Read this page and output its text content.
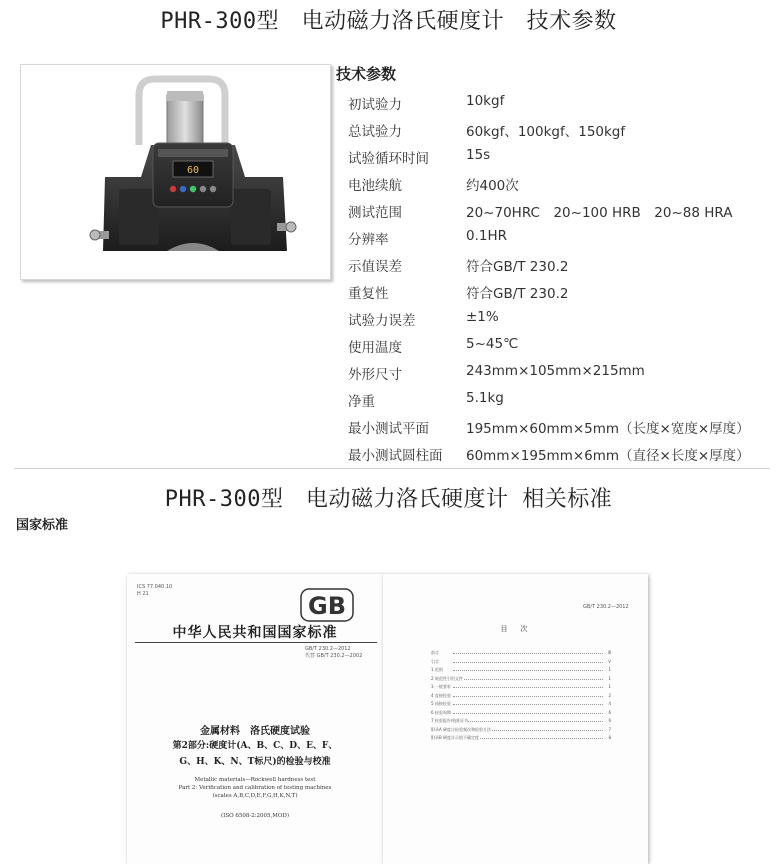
PHR-300型　电动磁力洛氏硬度计　技术参数
60
技术参数
初试验力	10kgf
总试验力	60kgf、100kgf、150kgf
试验循环时间	15s
电池续航	约400次
测试范围	20~70HRC　20~100 HRB　20~88 HRA
分辨率	0.1HR
示值误差	符合GB/T 230.2
重复性	符合GB/T 230.2
试验力误差	±1%
使用温度	5~45℃
外形尺寸	243mm×105mm×215mm
净重	5.1kg
最小测试平面	195mm×60mm×5mm（长度×宽度×厚度）
最小测试圆柱面 60mm×195mm×6mm（直径×长度×厚度）
PHR-300型　电动磁力洛氏硬度计 相关标准
国家标准
ICS 77.040.10
H 21	GB
中华人民共和国国家标准
GB/T 230.2—2012
代替 GB/T 230.2—2002
金属材料　洛氏硬度试验
第2部分:硬度计(A、B、C、D、E、F、
G、H、K、N、T标尺)的检验与校准
Metallic materials—Rockwell hardness test
Part 2: Verification and calibration of testing machines
(scales A,B,C,D,E,F,G,H,K,N,T)
(ISO 6508-2:2005,MOD)
GB/T 230.2—2012
目　次
前言	Ⅲ
引言	Ⅴ
1 范围	1
2 规范性引用文件	1
3 一般要求	1
4 直接检验	2
5 间接检验	4
6 检验周期	6
7 检验报告/校准证书	6
附录A 硬度计检验频次和检验方法	7
附录B 硬度计示值不确定度	8
